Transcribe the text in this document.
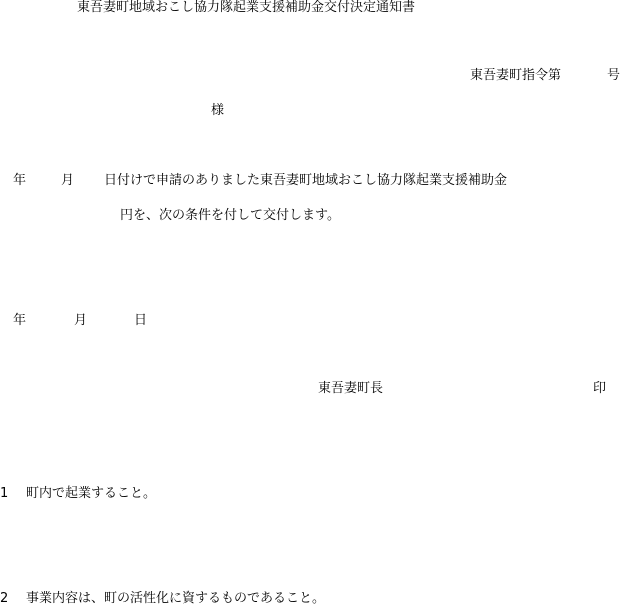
東吾妻町地域おこし協力隊起業支援補助金交付決定通知書
東吾妻町指令第	号
様
年	月 日付けで申請のありました東吾妻町地域おこし協力隊起業支援補助金
円を、次の条件を付して交付します。
年	月	日
東吾妻町長	印
1 町内で起業すること。
2 事業内容は、町の活性化に資するものであること。
